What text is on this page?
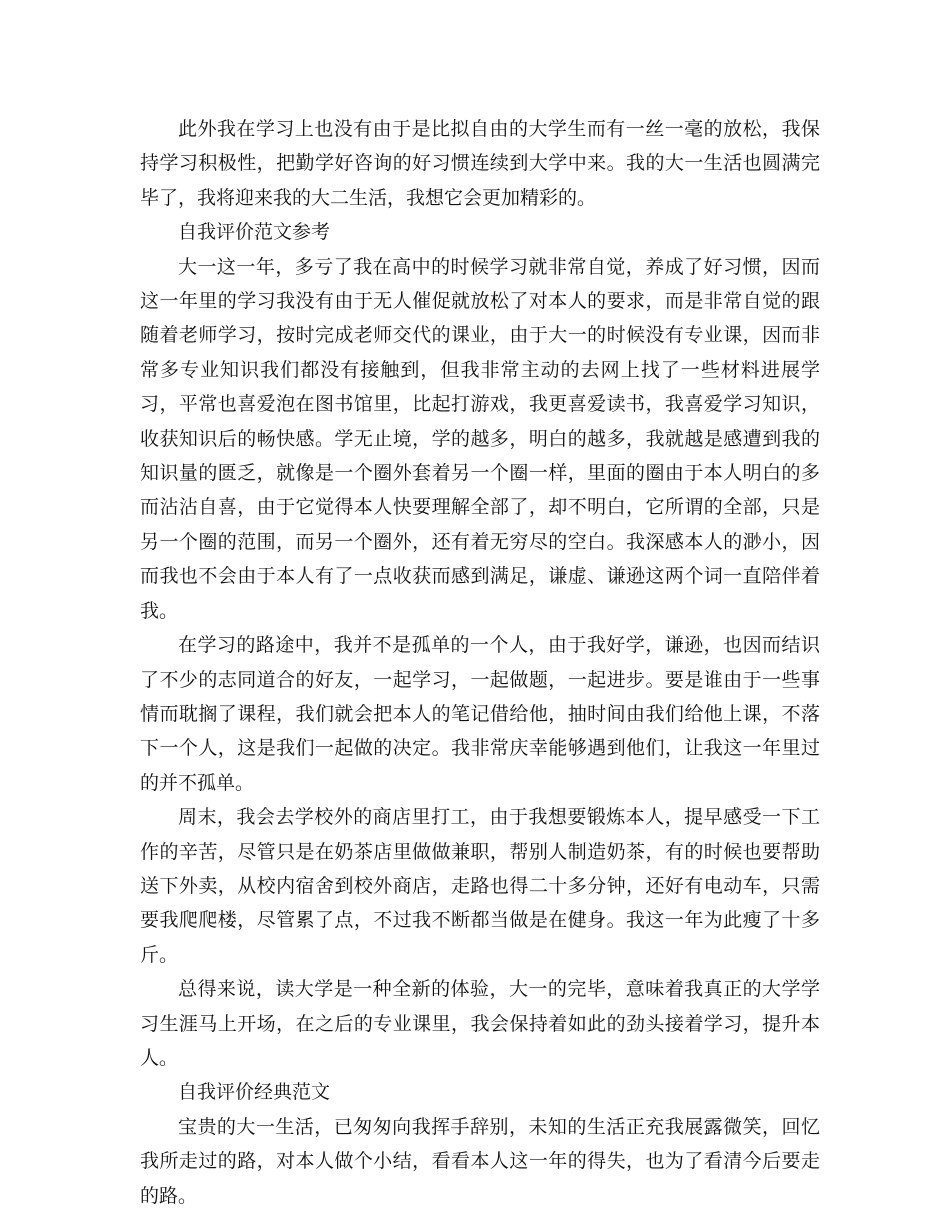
此外我在学习上也没有由于是比拟自由的大学生而有一丝一毫的放松，我保持学习积极性，把勤学好咨询的好习惯连续到大学中来。我的大一生活也圆满完毕了，我将迎来我的大二生活，我想它会更加精彩的。

自我评价范文参考

大一这一年，多亏了我在高中的时候学习就非常自觉，养成了好习惯，因而这一年里的学习我没有由于无人催促就放松了对本人的要求，而是非常自觉的跟随着老师学习，按时完成老师交代的课业，由于大一的时候没有专业课，因而非常多专业知识我们都没有接触到，但我非常主动的去网上找了一些材料进展学习，平常也喜爱泡在图书馆里，比起打游戏，我更喜爱读书，我喜爱学习知识，收获知识后的畅快感。学无止境，学的越多，明白的越多，我就越是感遭到我的知识量的匮乏，就像是一个圈外套着另一个圈一样，里面的圈由于本人明白的多而沾沾自喜，由于它觉得本人快要理解全部了，却不明白，它所谓的全部，只是另一个圈的范围，而另一个圈外，还有着无穷尽的空白。我深感本人的渺小，因而我也不会由于本人有了一点收获而感到满足，谦虚、谦逊这两个词一直陪伴着我。

在学习的路途中，我并不是孤单的一个人，由于我好学，谦逊，也因而结识了不少的志同道合的好友，一起学习，一起做题，一起进步。要是谁由于一些事情而耽搁了课程，我们就会把本人的笔记借给他，抽时间由我们给他上课，不落下一个人，这是我们一起做的决定。我非常庆幸能够遇到他们，让我这一年里过的并不孤单。

周末，我会去学校外的商店里打工，由于我想要锻炼本人，提早感受一下工作的辛苦，尽管只是在奶茶店里做做兼职，帮别人制造奶茶，有的时候也要帮助送下外卖，从校内宿舍到校外商店，走路也得二十多分钟，还好有电动车，只需要我爬爬楼，尽管累了点，不过我不断都当做是在健身。我这一年为此瘦了十多斤。

总得来说，读大学是一种全新的体验，大一的完毕，意味着我真正的大学学习生涯马上开场，在之后的专业课里，我会保持着如此的劲头接着学习，提升本人。

自我评价经典范文

宝贵的大一生活，已匆匆向我挥手辞别，未知的生活正充我展露微笑，回忆我所走过的路，对本人做个小结，看看本人这一年的得失，也为了看清今后要走的路。
